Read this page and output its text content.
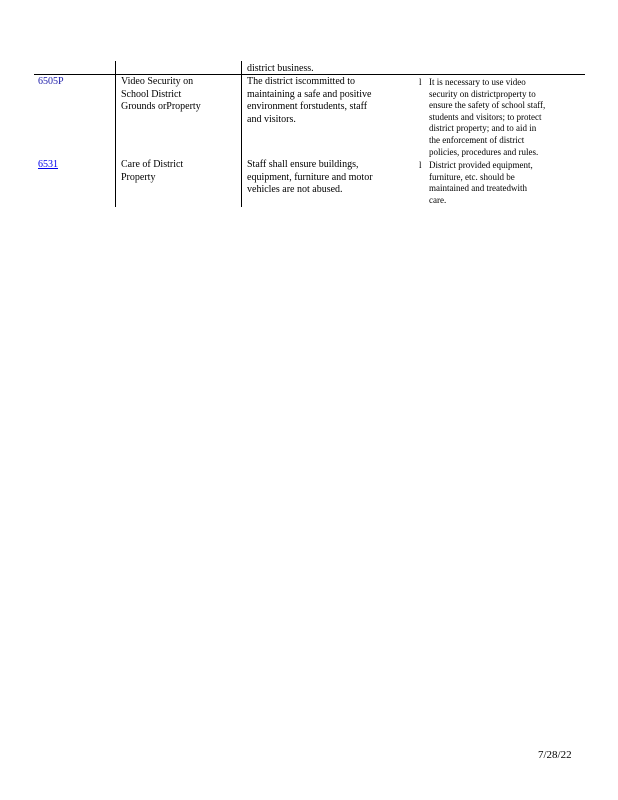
district business.
6505P	Video Security on
School District
Grounds orProperty
The district iscommitted to
maintaining a safe and positive
environment forstudents, staff
and visitors.
l It is necessary to use video
security on districtproperty to
ensure the safety of school staff,
students and visitors; to protect
district property; and to aid in
the enforcement of district
policies, procedures and rules.
6531	Care of District
Property
Staff shall ensure buildings,
equipment, furniture and motor
vehicles are not abused.
l District provided equipment,
furniture, etc. should be
maintained and treatedwith
care.
7/28/22
